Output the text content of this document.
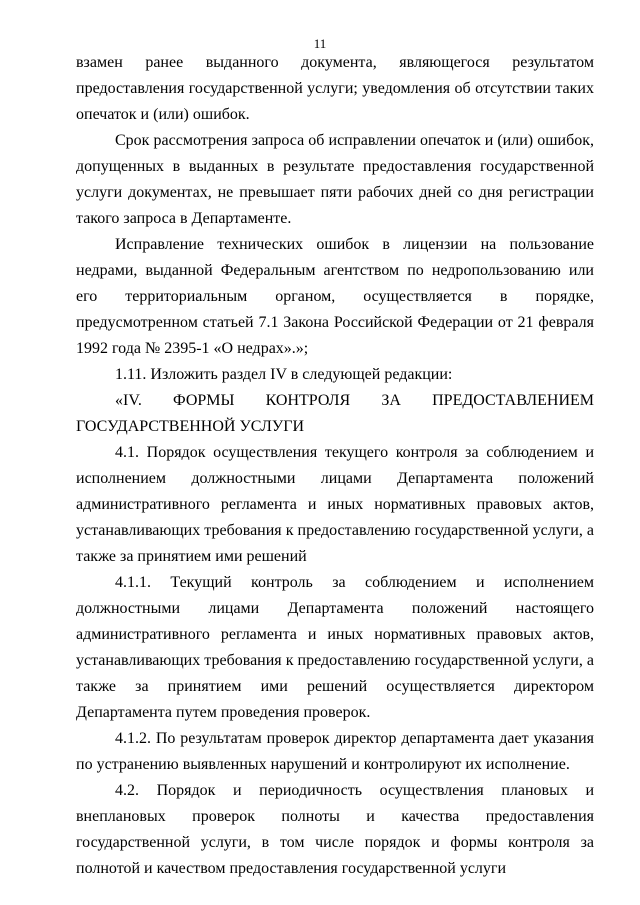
11

взамен ранее выданного документа, являющегося результатом предоставления государственной услуги; уведомления об отсутствии таких опечаток и (или) ошибок.

Срок рассмотрения запроса об исправлении опечаток и (или) ошибок, допущенных в выданных в результате предоставления государственной услуги документах, не превышает пяти рабочих дней со дня регистрации такого запроса в Департаменте.

Исправление технических ошибок в лицензии на пользование недрами, выданной Федеральным агентством по недропользованию или его территориальным органом, осуществляется в порядке, предусмотренном статьей 7.1 Закона Российской Федерации от 21 февраля 1992 года № 2395-1 «О недрах».»;

1.11. Изложить раздел IV в следующей редакции:

«IV. ФОРМЫ КОНТРОЛЯ ЗА ПРЕДОСТАВЛЕНИЕМ
ГОСУДАРСТВЕННОЙ УСЛУГИ

4.1. Порядок осуществления текущего контроля за соблюдением и исполнением должностными лицами Департамента положений административного регламента и иных нормативных правовых актов, устанавливающих требования к предоставлению государственной услуги, а также за принятием ими решений

4.1.1. Текущий контроль за соблюдением и исполнением должностными лицами Департамента положений настоящего административного регламента и иных нормативных правовых актов, устанавливающих требования к предоставлению государственной услуги, а также за принятием ими решений осуществляется директором Департамента путем проведения проверок.

4.1.2. По результатам проверок директор департамента дает указания по устранению выявленных нарушений и контролируют их исполнение.

4.2. Порядок и периодичность осуществления плановых и внеплановых проверок полноты и качества предоставления государственной услуги, в том числе порядок и формы контроля за полнотой и качеством предоставления государственной услуги
